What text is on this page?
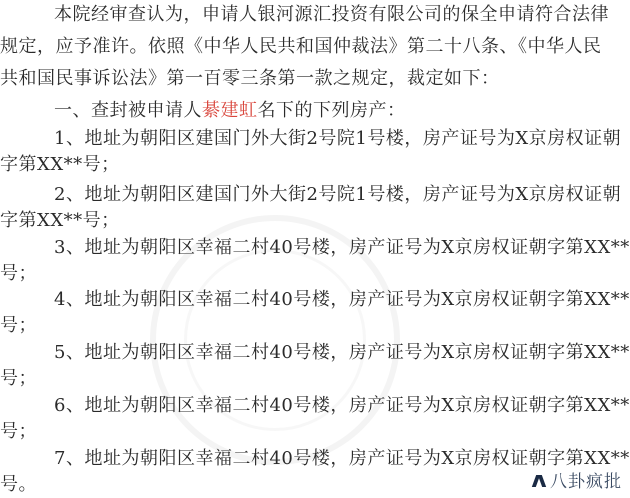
本院经审查认为，申请人银河源汇投资有限公司的保全申请符合法律
规定，应予准许。依照《中华人民共和国仲裁法》第二十八条、《中华人民
共和国民事诉讼法》第一百零三条第一款之规定，裁定如下：
一、查封被申请人綦建虹名下的下列房产：
1、地址为朝阳区建国门外大街2号院1号楼，房产证号为X京房权证朝
字第XX**号；
2、地址为朝阳区建国门外大街2号院1号楼，房产证号为X京房权证朝
字第XX**号；
3、地址为朝阳区幸福二村40号楼，房产证号为X京房权证朝字第XX**
号；
4、地址为朝阳区幸福二村40号楼，房产证号为X京房权证朝字第XX**
号；
5、地址为朝阳区幸福二村40号楼，房产证号为X京房权证朝字第XX**
号；
6、地址为朝阳区幸福二村40号楼，房产证号为X京房权证朝字第XX**
号；
7、地址为朝阳区幸福二村40号楼，房产证号为X京房权证朝字第XX**
号。	八卦疯批
